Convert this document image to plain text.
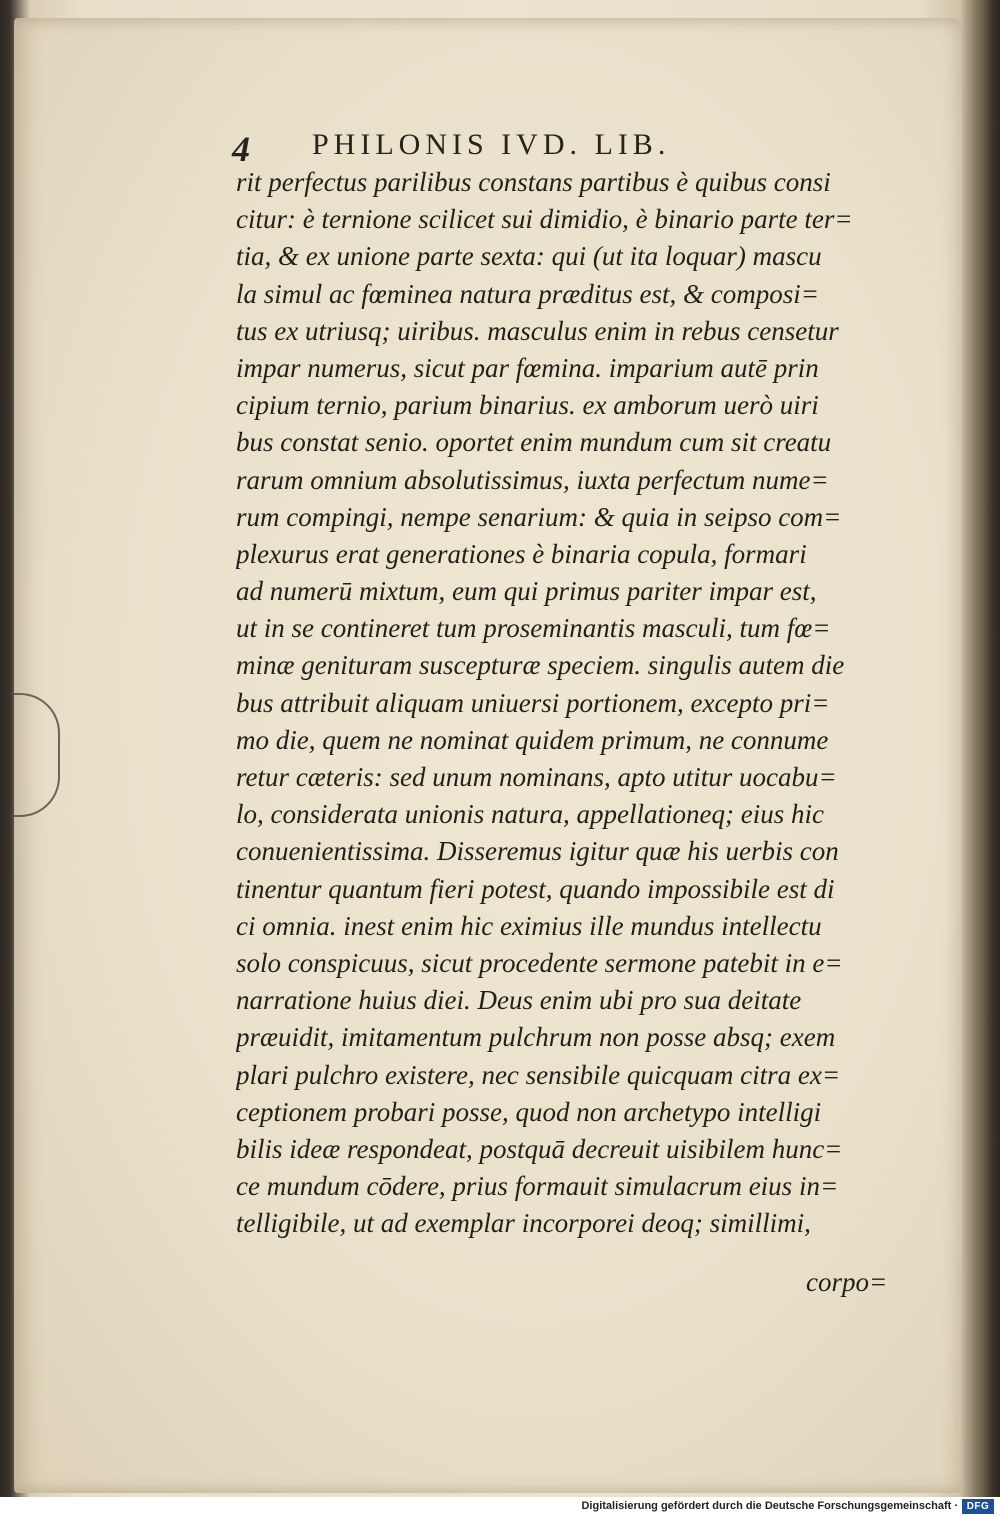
4 PHILONIS IVD. LIB.
rit perfectus parilibus constans partibus è quibus consi
citur: è ternione scilicet sui dimidio, è binario parte ter=
tia, & ex unione parte sexta: qui (ut ita loquar) mascu
la simul ac fœminea natura præditus est, & composi=
tus ex utriusq; uiribus. masculus enim in rebus censetur
impar numerus, sicut par fœmina. imparium autē prin
cipium ternio, parium binarius. ex amborum uerò uiri
bus constat senio. oportet enim mundum cum sit creatu
rarum omnium absolutissimus, iuxta perfectum nume=
rum compingi, nempe senarium: & quia in seipso com=
plexurus erat generationes è binaria copula, formari
ad numerū mixtum, eum qui primus pariter impar est,
ut in se contineret tum proseminantis masculi, tum fœ=
minæ genituram suscepturæ speciem. singulis autem die
bus attribuit aliquam uniuersi portionem, excepto pri=
mo die, quem ne nominat quidem primum, ne connume
retur cæteris: sed unum nominans, apto utitur uocabu=
lo, considerata unionis natura, appellationeq; eius hic
conuenientissima. Disseremus igitur quæ his uerbis con
tinentur quantum fieri potest, quando impossibile est di
ci omnia. inest enim hic eximius ille mundus intellectu
solo conspicuus, sicut procedente sermone patebit in e=
narratione huius diei. Deus enim ubi pro sua deitate
præuidit, imitamentum pulchrum non posse absq; exem
plari pulchro existere, nec sensibile quicquam citra ex=
ceptionem probari posse, quod non archetypo intelligi
bilis ideæ respondeat, postquā decreuit uisibilem hunc=
ce mundum cōdere, prius formauit simulacrum eius in=
telligibile, ut ad exemplar incorporei deoq; simillimi,
corpo=
Digitalisierung gefördert durch die Deutsche Forschungsgemeinschaft · DFG
